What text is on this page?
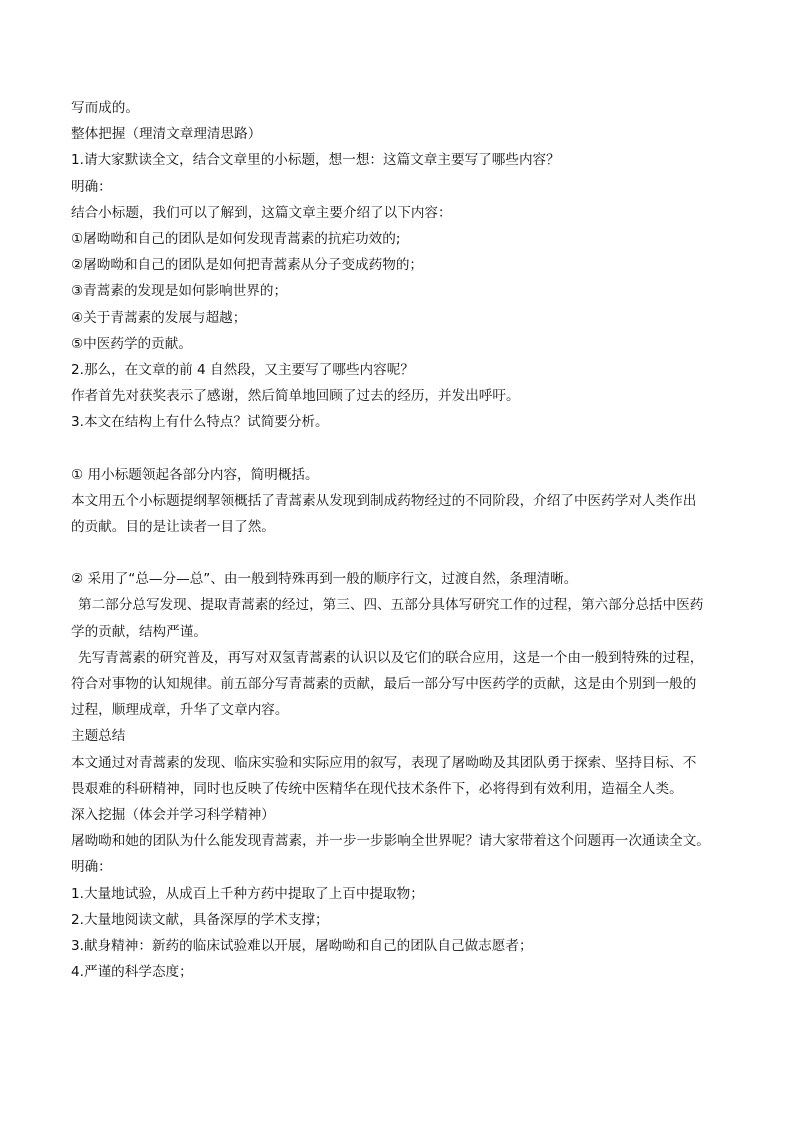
写而成的。
整体把握（理清文章理清思路）
1.请大家默读全文，结合文章里的小标题，想一想：这篇文章主要写了哪些内容？
明确：
结合小标题，我们可以了解到，这篇文章主要介绍了以下内容：
①屠呦呦和自己的团队是如何发现青蒿素的抗疟功效的;
②屠呦呦和自己的团队是如何把青蒿素从分子变成药物的；
③青蒿素的发现是如何影响世界的；
④关于青蒿素的发展与超越；
⑤中医药学的贡献。
2.那么，在文章的前 4 自然段，又主要写了哪些内容呢？
作者首先对获奖表示了感谢，然后简单地回顾了过去的经历，并发出呼吁。
3.本文在结构上有什么特点？试简要分析。
① 用小标题领起各部分内容，简明概括。
本文用五个小标题提纲挈领概括了青蒿素从发现到制成药物经过的不同阶段，介绍了中医药学对人类作出
的贡献。目的是让读者一目了然。
② 采用了“总—分—总”、由一般到特殊再到一般的顺序行文，过渡自然，条理清晰。
第二部分总写发现、提取青蒿素的经过，第三、四、五部分具体写研究工作的过程，第六部分总括中医药
学的贡献，结构严谨。
先写青蒿素的研究普及，再写对双氢青蒿素的认识以及它们的联合应用，这是一个由一般到特殊的过程，
符合对事物的认知规律。前五部分写青蒿素的贡献，最后一部分写中医药学的贡献，这是由个别到一般的
过程，顺理成章，升华了文章内容。
主题总结
本文通过对青蒿素的发现、临床实验和实际应用的叙写，表现了屠呦呦及其团队勇于探索、坚持目标、不
畏艰难的科研精神，同时也反映了传统中医精华在现代技术条件下，必将得到有效利用，造福全人类。
深入挖掘（体会并学习科学精神）
屠呦呦和她的团队为什么能发现青蒿素，并一步一步影响全世界呢？请大家带着这个问题再一次通读全文。
明确：
1.大量地试验，从成百上千种方药中提取了上百中提取物；
2.大量地阅读文献，具备深厚的学术支撑；
3.献身精神：新药的临床试验难以开展，屠呦呦和自己的团队自己做志愿者；
4.严谨的科学态度；
